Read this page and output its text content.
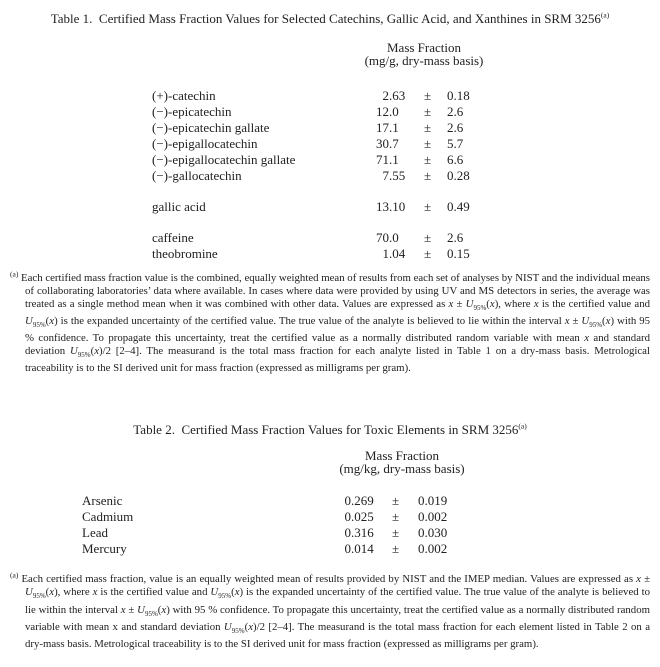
Table 1.  Certified Mass Fraction Values for Selected Catechins, Gallic Acid, and Xanthines in SRM 3256$^{(a)}$
Mass Fraction
(mg/g, dry-mass basis)
(+)-catechin	2 .63	± 0.18
(−)-epicatechin	12 .0	± 2.6
(−)-epicatechin gallate	17 .1	± 2.6
(−)-epigallocatechin	30 .7	± 5.7
(−)-epigallocatechin gallate	71 .1	± 6.6
(−)-gallocatechin	7 .55	± 0.28
gallic acid	13 .10	± 0.49
caffeine	70 .0	± 2.6
theobromine	1 .04	± 0.15
$^{(a)}$ Each certified mass fraction value is the combined, equally weighted mean of results from each set of analyses by NIST and the individual means of collaborating laboratories’ data where available. In cases where data were provided by using UV and MS detectors in series, the average was treated as a single method mean when it was combined with other data. Values are expressed as $x \pm U_{95\%}(x)$, where x is the certified value and $U_{95\%}(x)$ is the expanded uncertainty of the certified value. The true value of the analyte is believed to lie within the interval $x \pm U_{95\%}(x)$ with 95 % confidence. To propagate this uncertainty, treat the certified value as a normally distributed random variable with mean x and standard deviation $U_{95\%}(x)/2$ [2–4]. The measurand is the total mass fraction for each analyte listed in Table 1 on a dry-mass basis. Metrological traceability is to the SI derived unit for mass fraction (expressed as milligrams per gram).
Table 2.  Certified Mass Fraction Values for Toxic Elements in SRM 3256$^{(a)}$
Mass Fraction
(mg/kg, dry-mass basis)
Arsenic	0 .269	± 0.019
Cadmium	0 .025	± 0.002
Lead	0 .316	± 0.030
Mercury	0 .014	± 0.002
$^{(a)}$ Each certified mass fraction, value is an equally weighted mean of results provided by NIST and the IMEP median. Values are expressed as $x \pm U_{95\%}(x)$, where x is the certified value and $U_{95\%}(x)$ is the expanded uncertainty of the certified value. The true value of the analyte is believed to lie within the interval $x \pm U_{95\%}(x)$ with 95 % confidence. To propagate this uncertainty, treat the certified value as a normally distributed random variable with mean x and standard deviation $U_{95\%}(x)/2$ [2–4]. The measurand is the total mass fraction for each element listed in Table 2 on a dry-mass basis. Metrological traceability is to the SI derived unit for mass fraction (expressed as milligrams per gram).
